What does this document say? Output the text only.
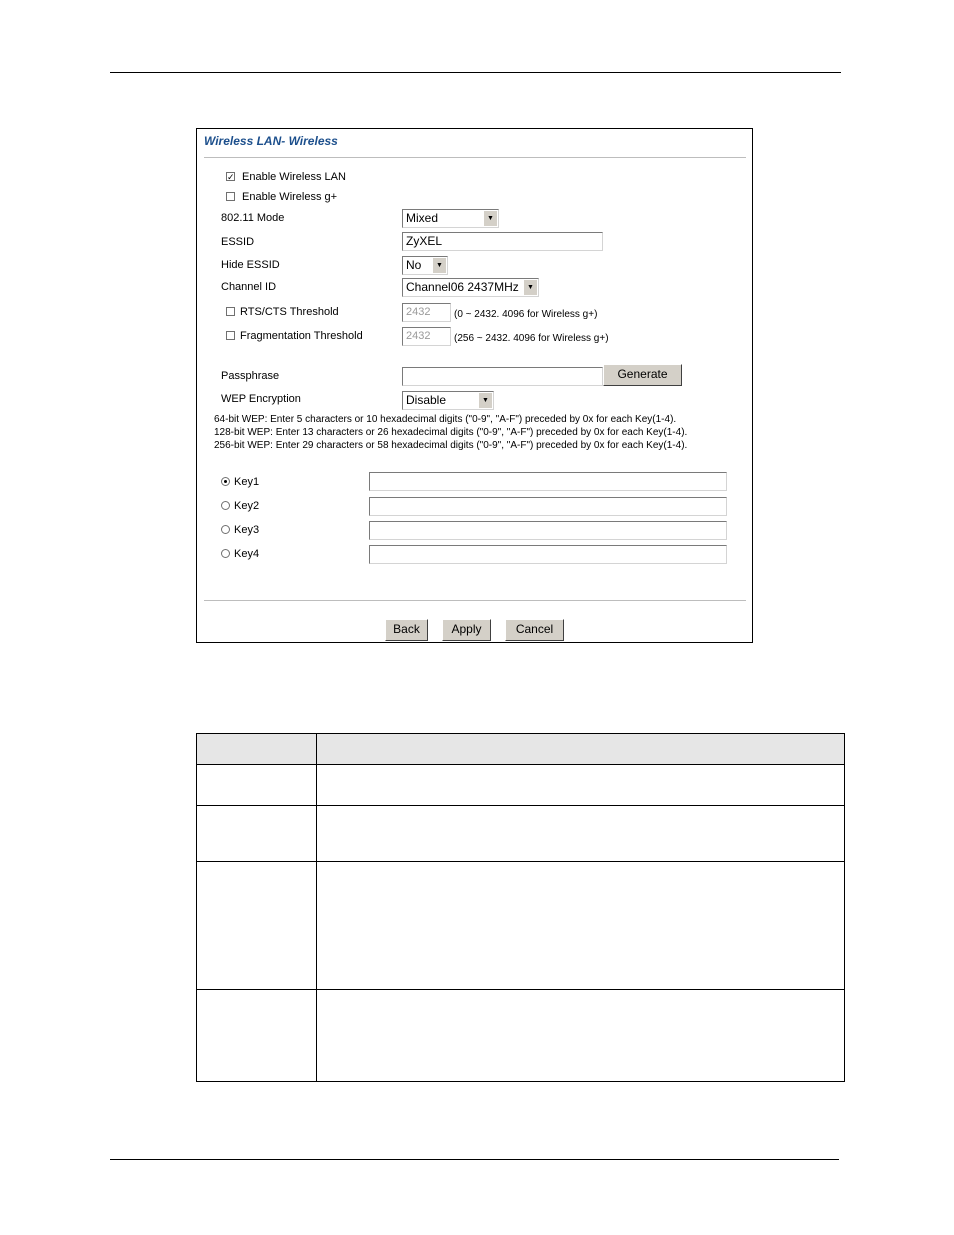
Wireless LAN- Wireless
✓ Enable Wireless LAN
Enable Wireless g+
802.11 Mode	Mixed	▼
ESSID	ZyXEL
Hide ESSID	No	▼
Channel ID	Channel06 2437MHz	▼
RTS/CTS Threshold	2432	(0 ~ 2432. 4096 for Wireless g+)
Fragmentation Threshold	2432	(256 ~ 2432. 4096 for Wireless g+)
Passphrase	Generate
WEP Encryption	Disable	▼
64-bit WEP: Enter 5 characters or 10 hexadecimal digits ("0-9", "A-F") preceded by 0x for each Key(1-4).
128-bit WEP: Enter 13 characters or 26 hexadecimal digits ("0-9", "A-F") preceded by 0x for each Key(1-4).
256-bit WEP: Enter 29 characters or 58 hexadecimal digits ("0-9", "A-F") preceded by 0x for each Key(1-4).
Key1
Key2
Key3
Key4
Back	Apply	Cancel
